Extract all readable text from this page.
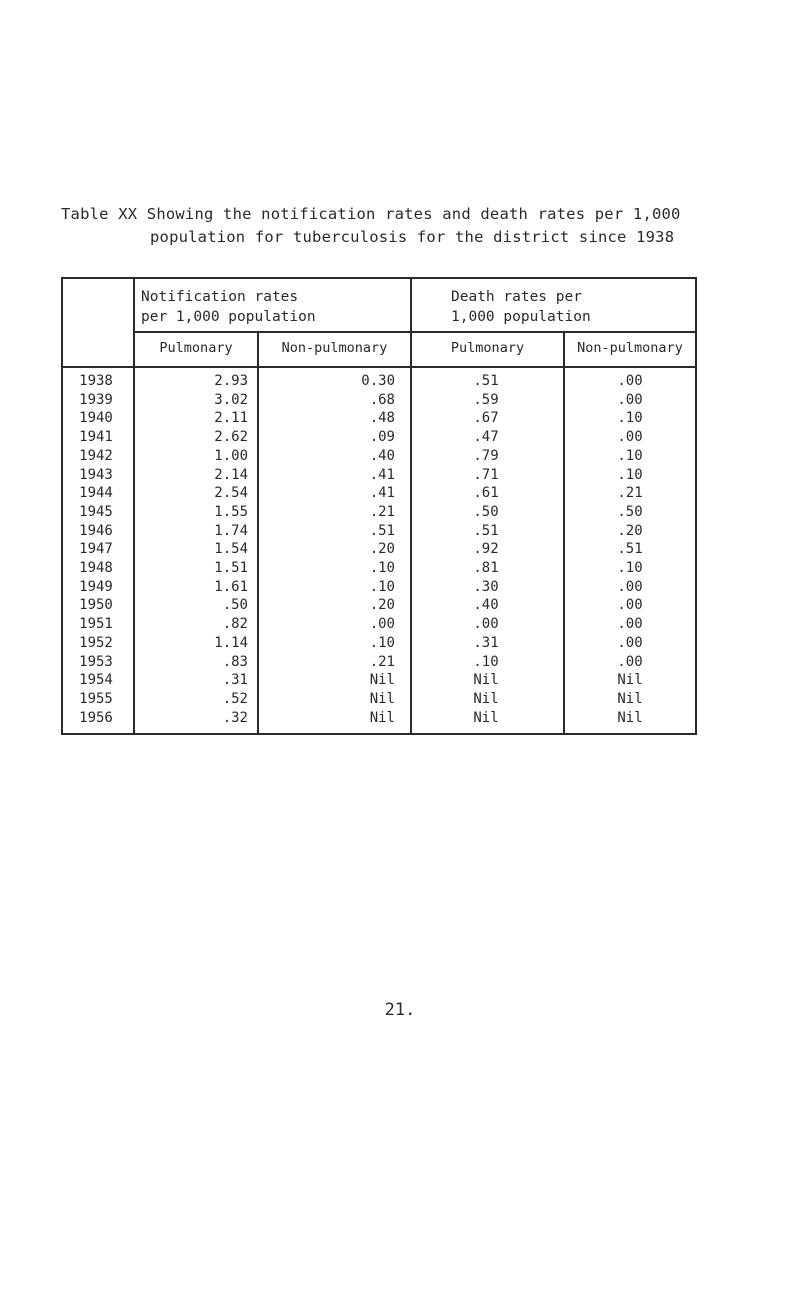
Table XX Showing the notification rates and death rates per 1,000
population for tuberculosis for the district since 1938
Notification rates
per 1,000 population
Death rates per
1,000 population
Pulmonary	Non-pulmonary	Pulmonary	Non-pulmonary
1938	2.93	0.30	.51	.00
1939	3.02	.68	.59	.00
1940	2.11	.48	.67	.10
1941	2.62	.09	.47	.00
1942	1.00	.40	.79	.10
1943	2.14	.41	.71	.10
1944	2.54	.41	.61	.21
1945	1.55	.21	.50	.50
1946	1.74	.51	.51	.20
1947	1.54	.20	.92	.51
1948	1.51	.10	.81	.10
1949	1.61	.10	.30	.00
1950	.50	.20	.40	.00
1951	.82	.00	.00	.00
1952	1.14	.10	.31	.00
1953	.83	.21	.10	.00
1954	.31	Nil	Nil	Nil
1955	.52	Nil	Nil	Nil
1956	.32	Nil	Nil	Nil
21.
